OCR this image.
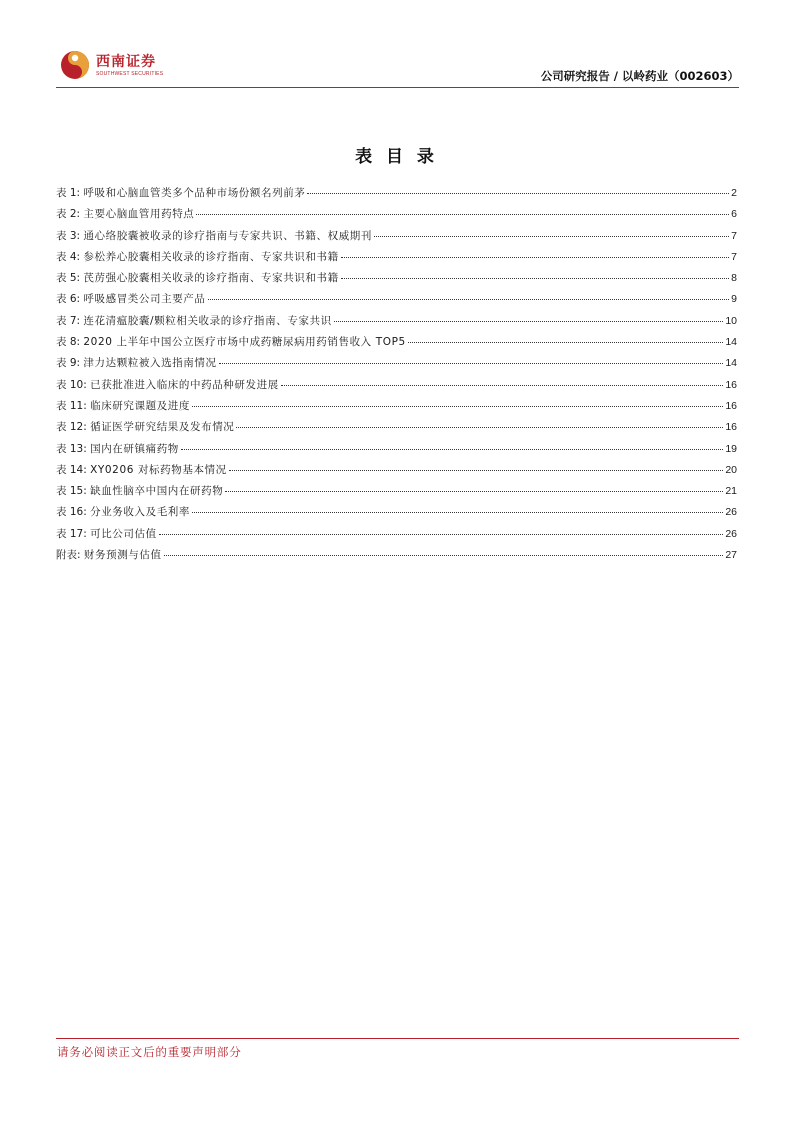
西南证券
SOUTHWEST SECURITIES	公司研究报告 / 以岭药业（002603）
表 目 录
表 1:
呼吸和心脑血管类多个品种市场份额名列前茅	2
表 2:
主要心脑血管用药特点	6
表 3:
通心络胶囊被收录的诊疗指南与专家共识、书籍、权威期刊	7
表 4:
参松养心胶囊相关收录的诊疗指南、专家共识和书籍	7
表 5:
芪苈强心胶囊相关收录的诊疗指南、专家共识和书籍	8
表 6:
呼吸感冒类公司主要产品	9
表 7:
连花清瘟胶囊/颗粒相关收录的诊疗指南、专家共识	10
表 8:
2020 上半年中国公立医疗市场中成药糖尿病用药销售收入 TOP5	14
表 9:
津力达颗粒被入选指南情况	14
表 10:
已获批准进入临床的中药品种研发进展	16
表 11:
临床研究课题及进度	16
表 12:
循证医学研究结果及发布情况	16
表 13:
国内在研镇痛药物	19
表 14:
XY0206 对标药物基本情况	20
表 15:
缺血性脑卒中国内在研药物	21
表 16:
分业务收入及毛利率	26
表 17:
可比公司估值	26
附表:
财务预测与估值	27
请务必阅读正文后的重要声明部分
